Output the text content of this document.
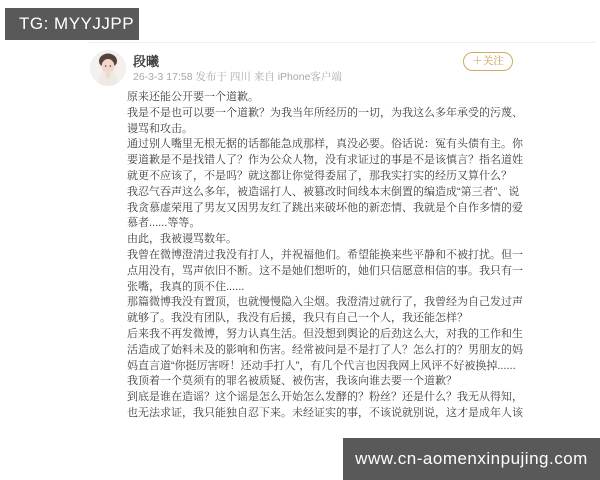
TG: MYYJJPP
段曦
26-3-3 17:58 发布于 四川 来自 iPhone客户端
＋关注
原来还能公开要一个道歉。
我是不是也可以要一个道歉？为我当年所经历的一切，为我这么多年承受的污蔑、
谩骂和攻击。
通过别人嘴里无根无据的话都能急成那样，真没必要。俗话说：冤有头债有主。你
要道歉是不是找错人了？作为公众人物，没有求证过的事是不是该慎言？指名道姓
就更不应该了，不是吗？就这都让你觉得委屈了，那我实打实的经历又算什么？
我忍气吞声这么多年，被造谣打人、被篡改时间线本末倒置的编造成“第三者”、说
我贪慕虚荣甩了男友又因男友红了跳出来破坏他的新恋情、我就是个自作多情的爱
慕者......等等。
由此，我被谩骂数年。
我曾在微博澄清过我没有打人，并祝福他们。希望能换来些平静和不被打扰。但一
点用没有，骂声依旧不断。这不是她们想听的，她们只信愿意相信的事。我只有一
张嘴，我真的顶不住......
那篇微博我没有置顶，也就慢慢隐入尘烟。我澄清过就行了，我曾经为自己发过声
就够了。我没有团队，我没有后援，我只有自己一个人，我还能怎样？
后来我不再发微博，努力认真生活。但没想到舆论的后劲这么大，对我的工作和生
活造成了始料未及的影响和伤害。经常被问是不是打了人？怎么打的？男朋友的妈
妈直言道“你挺厉害呀！还动手打人”，有几个代言也因我网上风评不好被换掉......
我顶着一个莫须有的罪名被质疑、被伤害，我该向谁去要一个道歉？
到底是谁在造谣？这个谣是怎么开始怎么发酵的？粉丝？还是什么？我无从得知，
也无法求证，我只能独自忍下来。未经证实的事，不该说就别说，这才是成年人该
www.cn-aomenxinpujing.com
